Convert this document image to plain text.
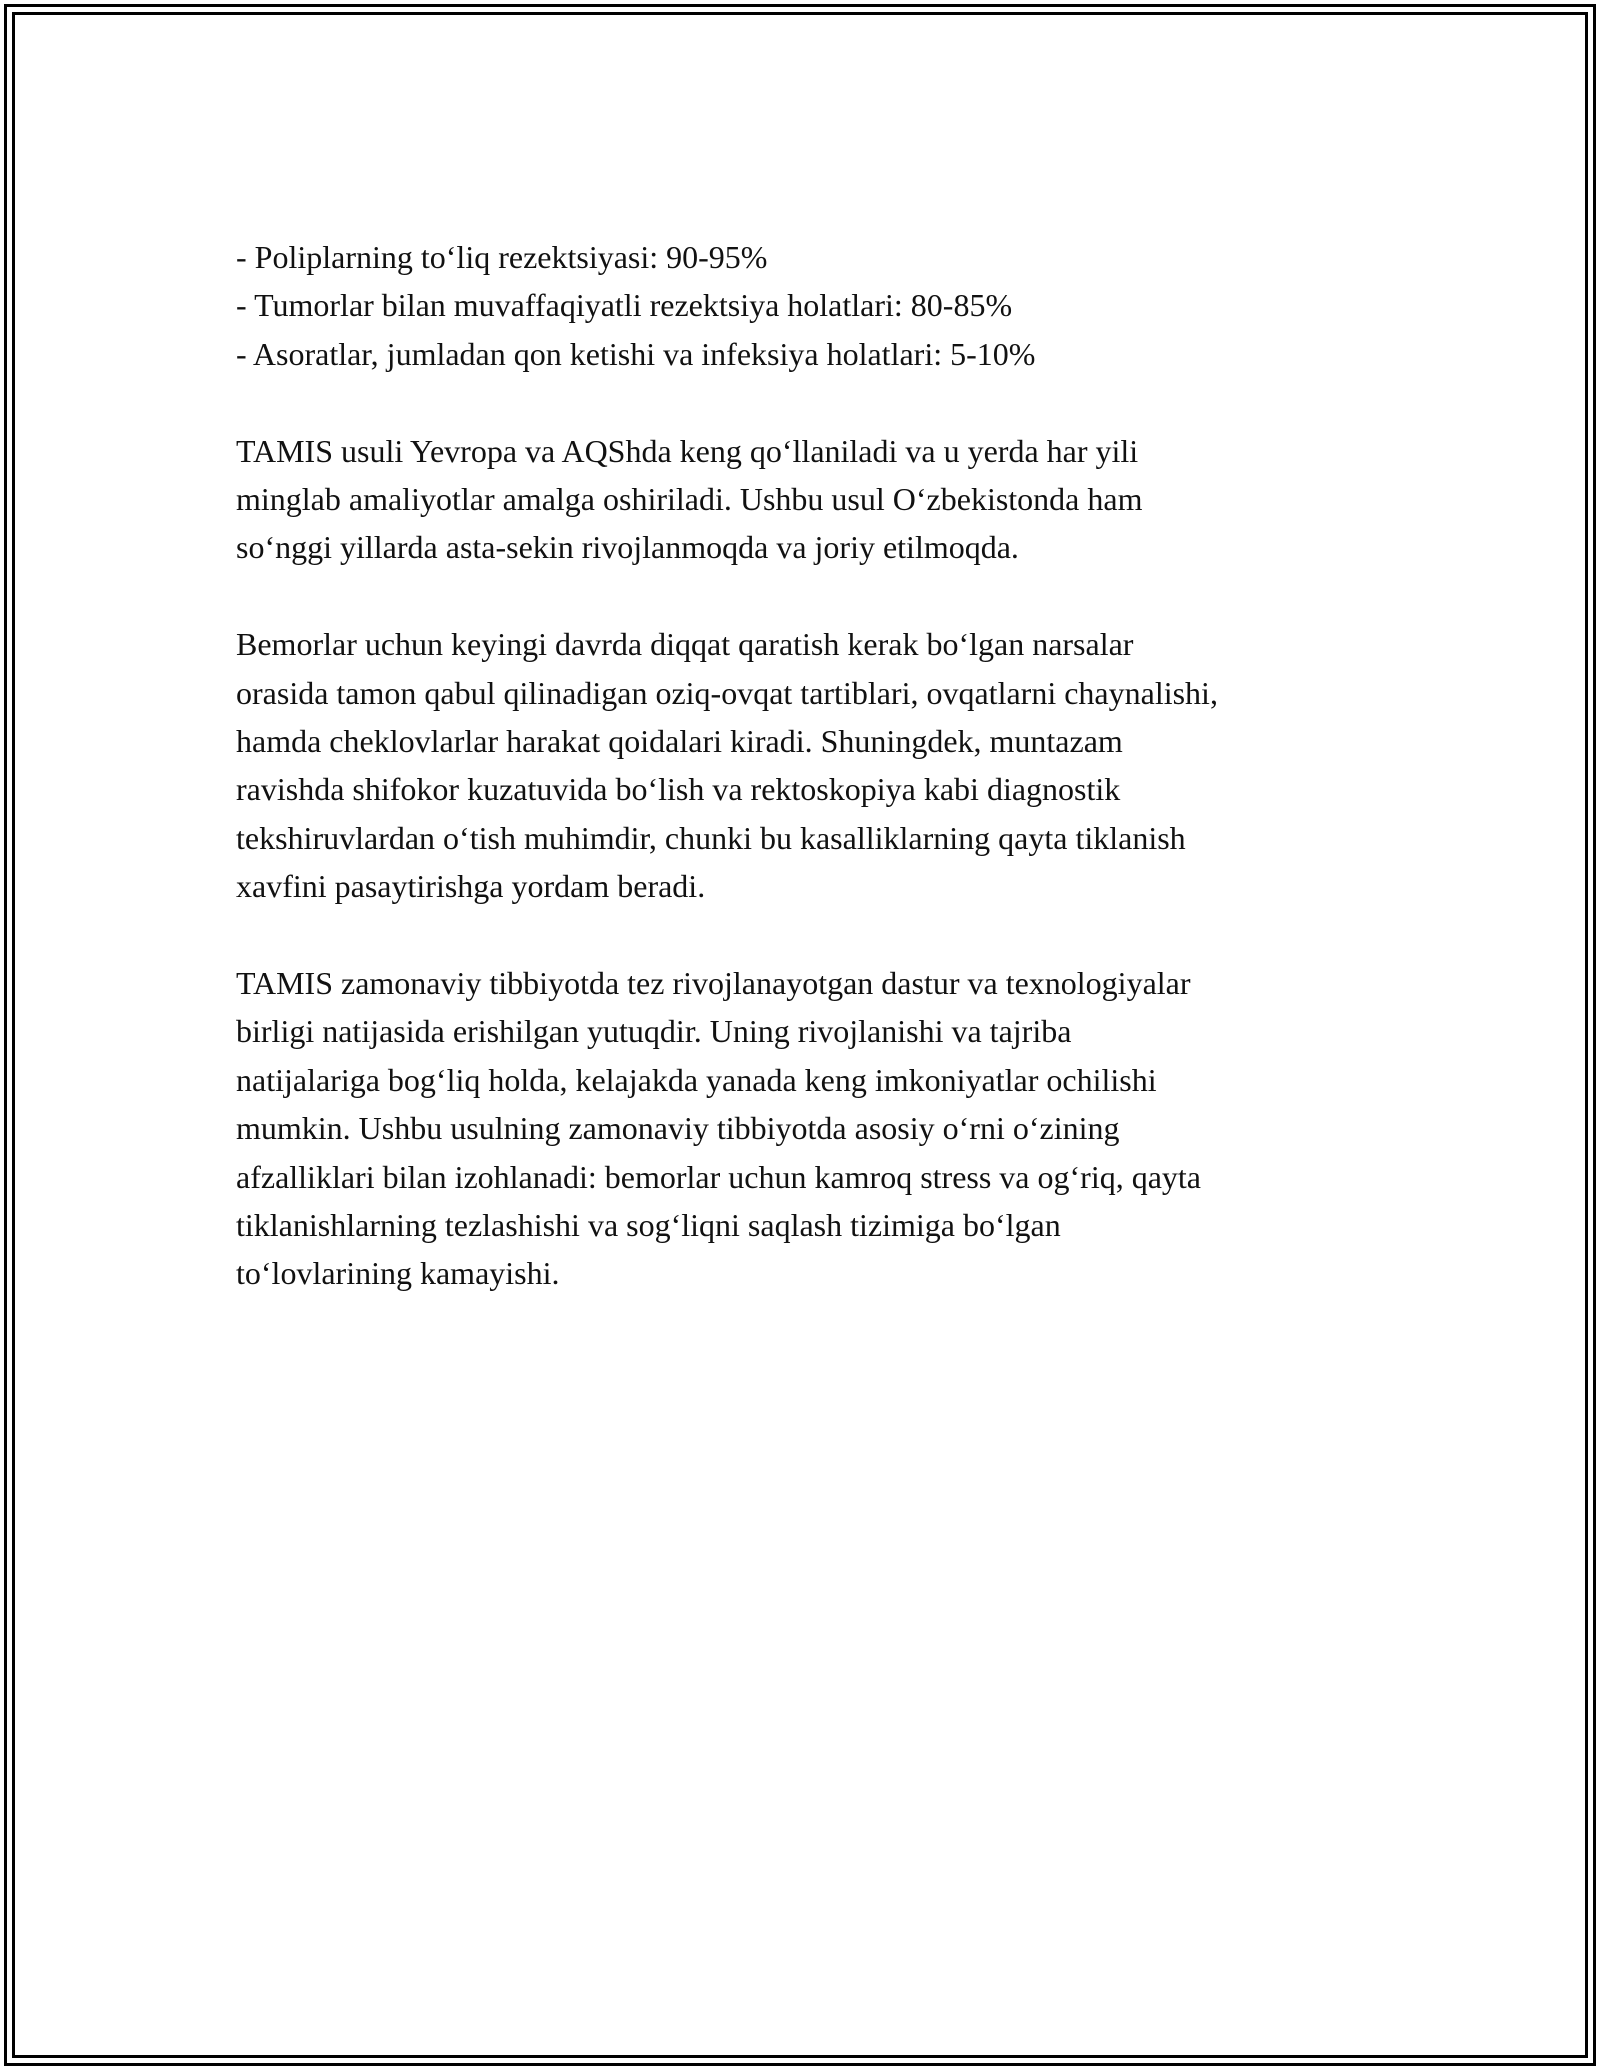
- Poliplarning to‘liq rezektsiyasi: 90-95%
- Tumorlar bilan muvaffaqiyatli rezektsiya holatlari: 80-85%
- Asoratlar, jumladan qon ketishi va infeksiya holatlari: 5-10%
TAMIS usuli Yevropa va AQShda keng qo‘llaniladi va u yerda har yili
minglab amaliyotlar amalga oshiriladi. Ushbu usul O‘zbekistonda ham
so‘nggi yillarda asta-sekin rivojlanmoqda va joriy etilmoqda.
Bemorlar uchun keyingi davrda diqqat qaratish kerak bo‘lgan narsalar
orasida tamon qabul qilinadigan oziq-ovqat tartiblari, ovqatlarni chaynalishi,
hamda cheklovlarlar harakat qoidalari kiradi. Shuningdek, muntazam
ravishda shifokor kuzatuvida bo‘lish va rektoskopiya kabi diagnostik
tekshiruvlardan o‘tish muhimdir, chunki bu kasalliklarning qayta tiklanish
xavfini pasaytirishga yordam beradi.
TAMIS zamonaviy tibbiyotda tez rivojlanayotgan dastur va texnologiyalar
birligi natijasida erishilgan yutuqdir. Uning rivojlanishi va tajriba
natijalariga bog‘liq holda, kelajakda yanada keng imkoniyatlar ochilishi
mumkin. Ushbu usulning zamonaviy tibbiyotda asosiy o‘rni o‘zining
afzalliklari bilan izohlanadi: bemorlar uchun kamroq stress va og‘riq, qayta
tiklanishlarning tezlashishi va sog‘liqni saqlash tizimiga bo‘lgan
to‘lovlarining kamayishi.
